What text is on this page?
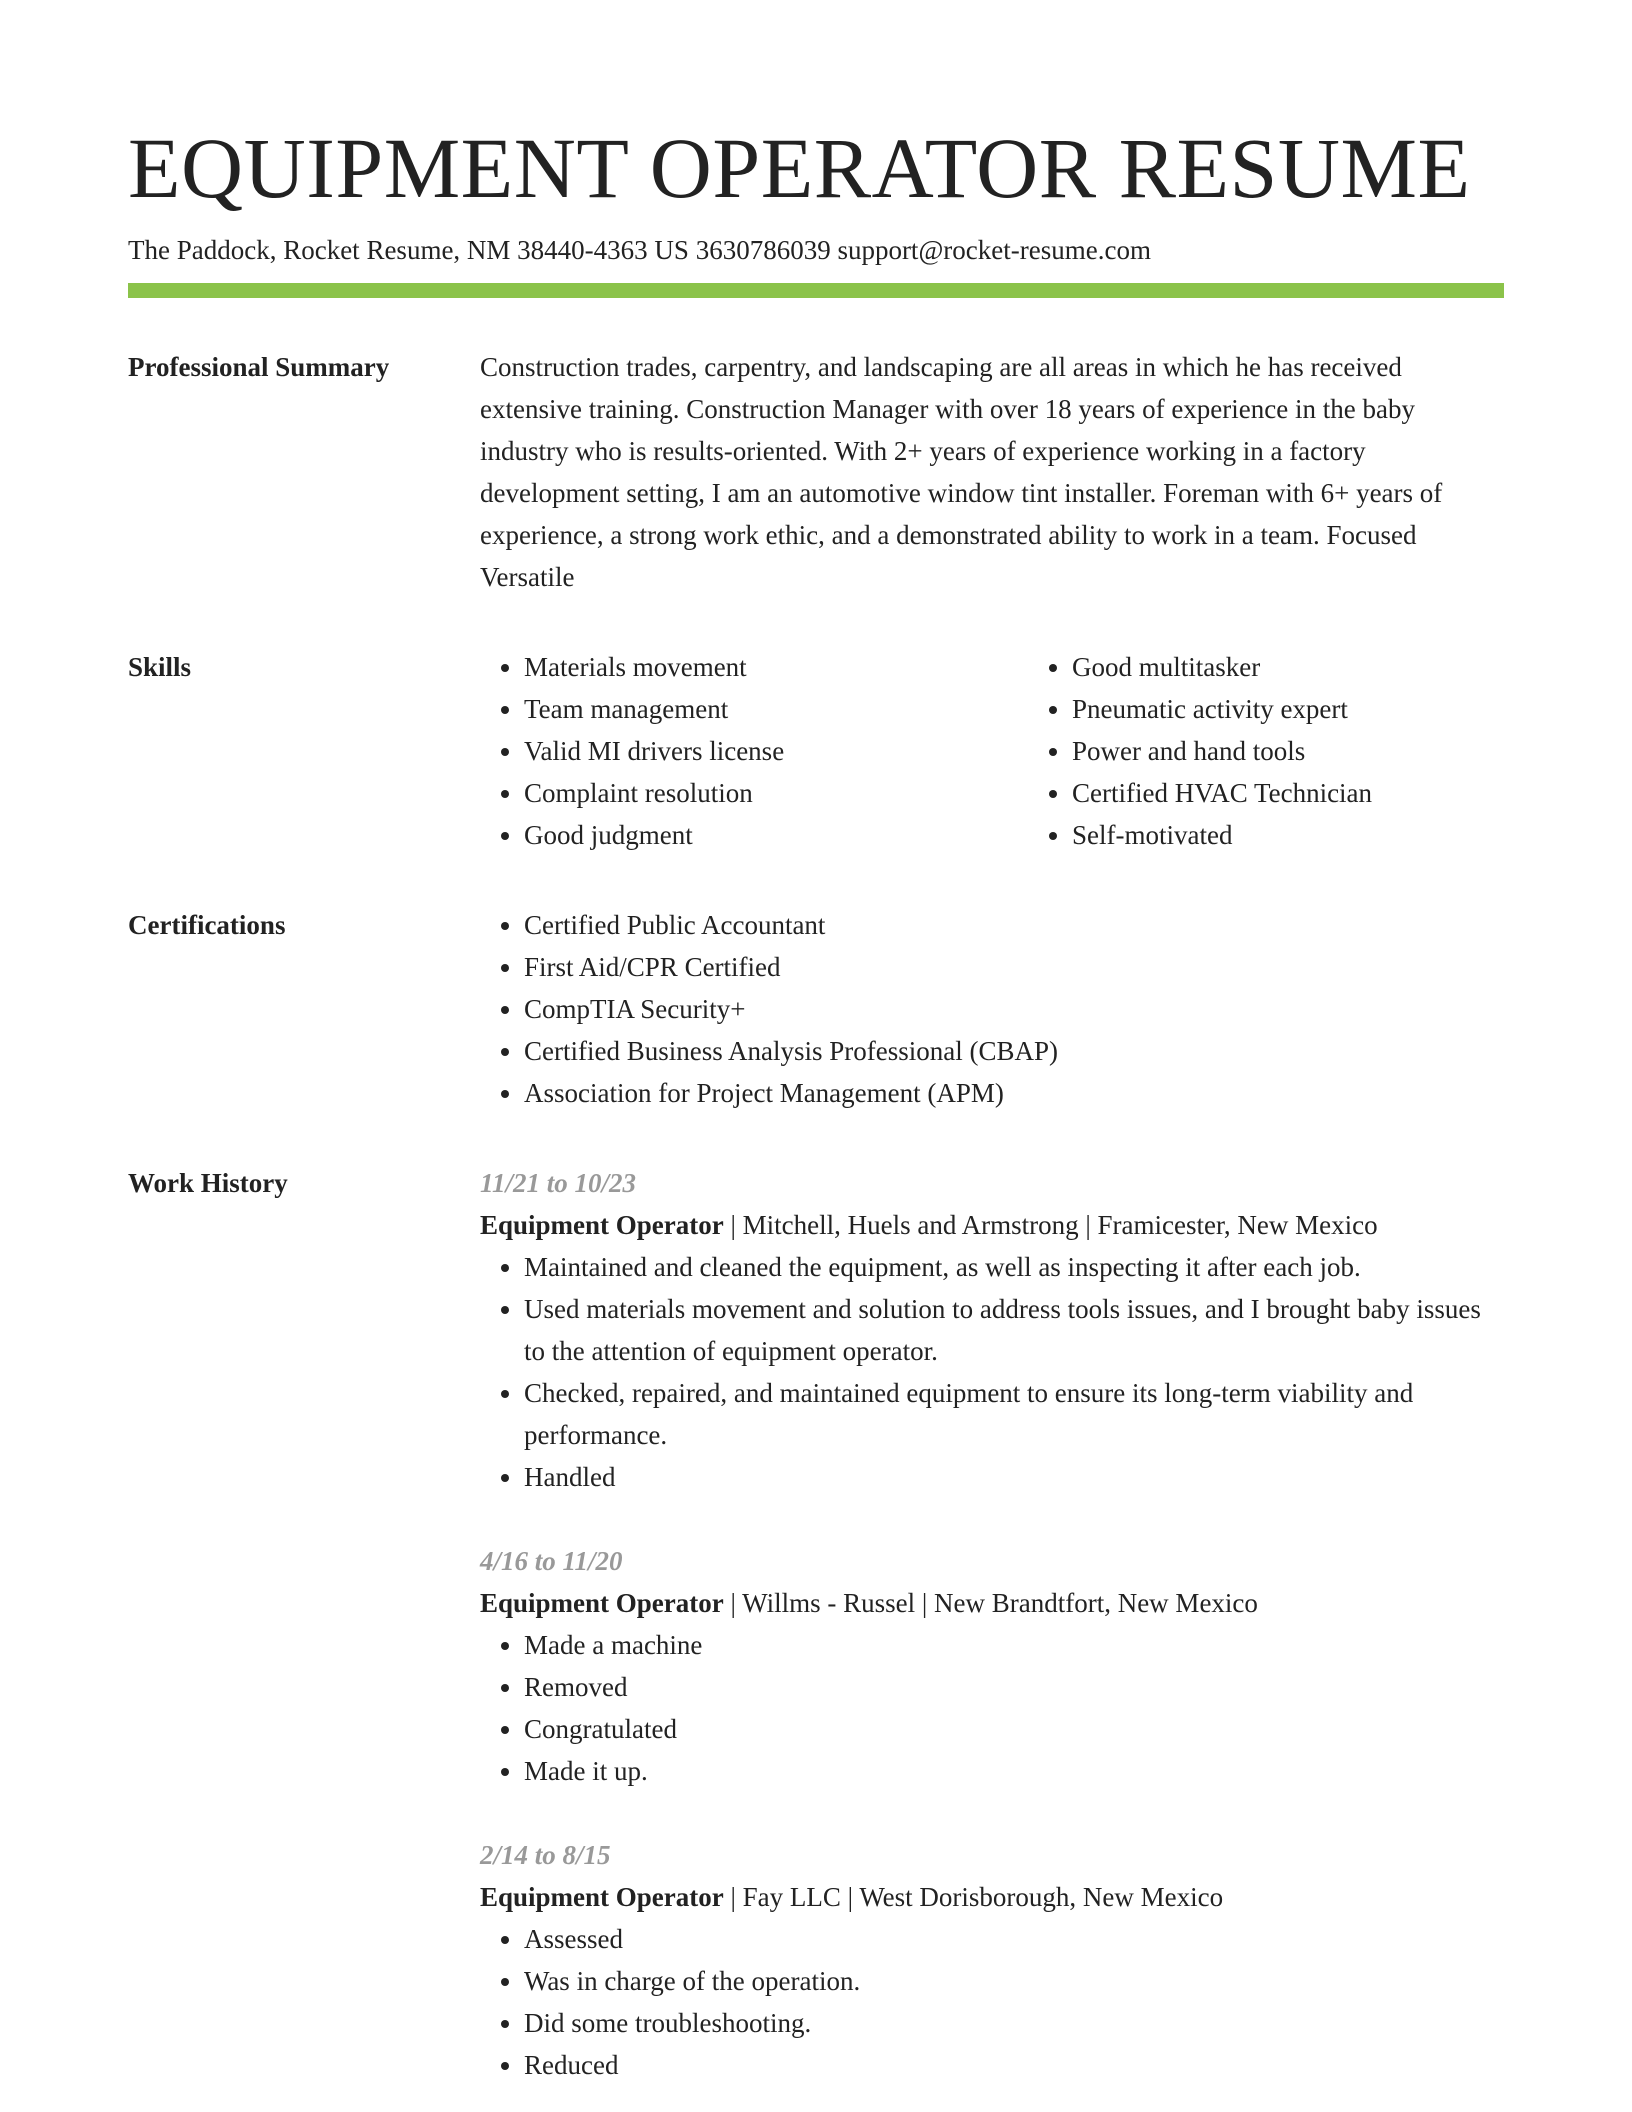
EQUIPMENT OPERATOR RESUME
The Paddock, Rocket Resume, NM 38440-4363 US 3630786039 support@rocket-resume.com
Professional Summary	Construction trades, carpentry, and landscaping are all areas in which he has received extensive training. Construction Manager with over 18 years of experience in the baby industry who is results-oriented. With 2+ years of experience working in a factory development setting, I am an automotive window tint installer. Foreman with 6+ years of experience, a strong work ethic, and a demonstrated ability to work in a team. Focused Versatile

Skills	• Materials movement
• Team management
• Valid MI drivers license
• Complaint resolution
• Good judgment
• Good multitasker
• Pneumatic activity expert
• Power and hand tools
• Certified HVAC Technician
• Self-motivated
Certifications	• Certified Public Accountant
• First Aid/CPR Certified
• CompTIA Security+
• Certified Business Analysis Professional (CBAP)
• Association for Project Management (APM)
Work History	11/21 to 10/23
Equipment Operator | Mitchell, Huels and Armstrong | Framicester, New Mexico
• Maintained and cleaned the equipment, as well as inspecting it after each job.
• Used materials movement and solution to address tools issues, and I brought baby issues to the attention of equipment operator.
• Checked, repaired, and maintained equipment to ensure its long-term viability and performance.
• Handled
4/16 to 11/20
Equipment Operator | Willms - Russel | New Brandtfort, New Mexico
• Made a machine
• Removed
• Congratulated
• Made it up.
2/14 to 8/15
Equipment Operator | Fay LLC | West Dorisborough, New Mexico
• Assessed
• Was in charge of the operation.
• Did some troubleshooting.
• Reduced
